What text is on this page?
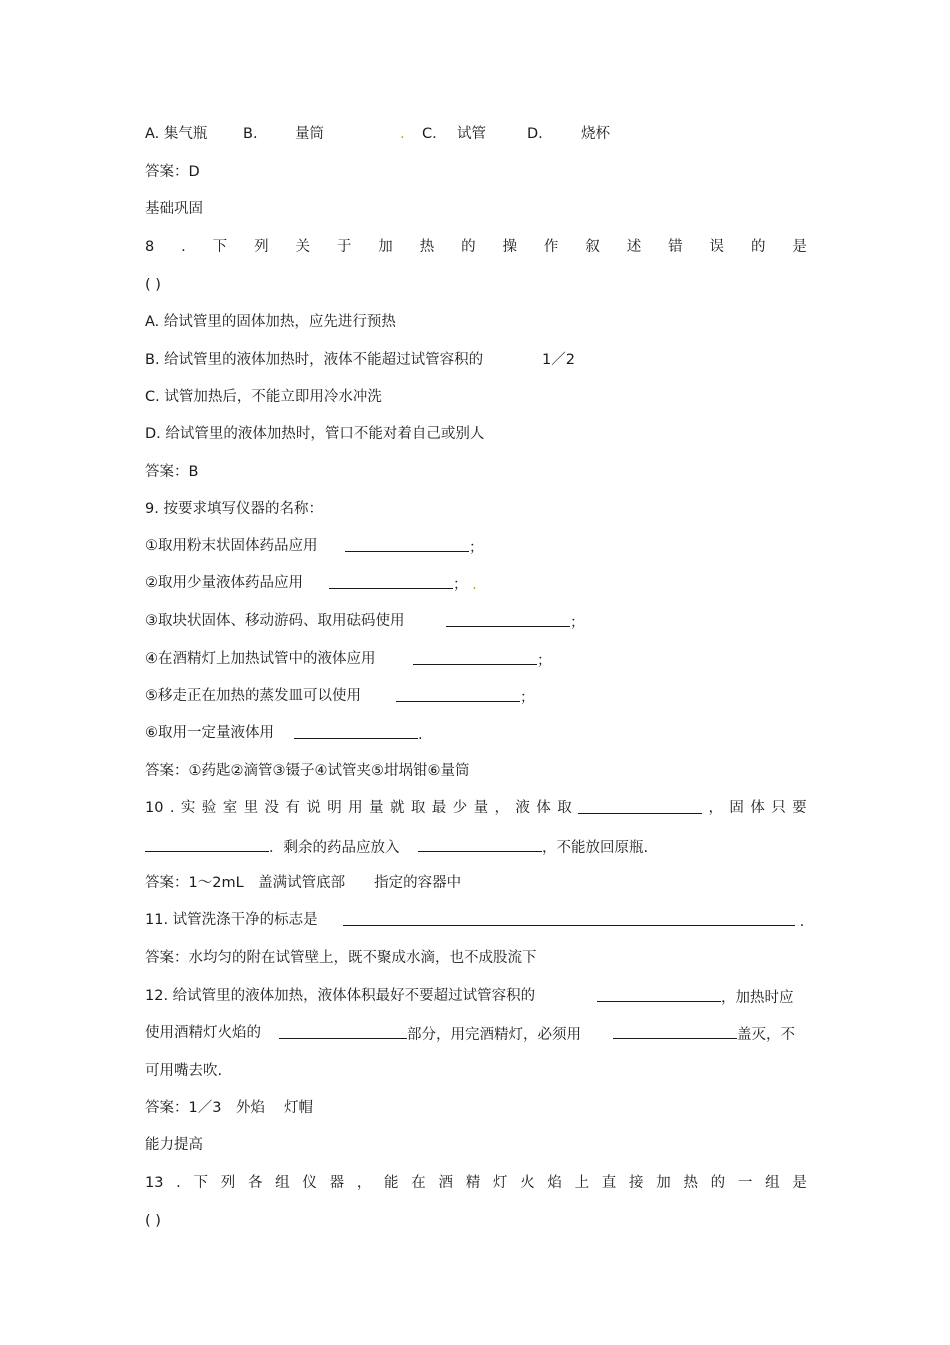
A. 集气瓶 B.	量筒	. C. 试管	D.	烧杯
答案：D
基础巩固
8 . 下 列 关 于 加 热 的 操 作 叙 述 错 误 的 是
( )
A. 给试管里的固体加热，应先进行预热
B. 给试管里的液体加热时，液体不能超过试管容积的	1／2
C. 试管加热后，不能立即用冷水冲洗
D. 给试管里的液体加热时，管口不能对着自己或别人
答案：B
9. 按要求填写仪器的名称：
①取用粉末状固体药品应用	；
②取用少量液体药品应用	； .
③取块状固体、移动游码、取用砝码使用	；
④在酒精灯上加热试管中的液体应用	；
⑤移走正在加热的蒸发皿可以使用	；
⑥取用一定量液体用	.
答案：①药匙②滴管③镊子④试管夹⑤坩埚钳⑥量筒
10 . 实 验 室 里 没 有 说 明 用 量 就 取 最 少 量 ， 液 体 取	， 固 体 只 要
．剩余的药品应放入	，不能放回原瓶.
答案：1～2mL　盖满试管底部　　指定的容器中
11. 试管洗涤干净的标志是	.
答案：水均匀的附在试管壁上，既不聚成水滴，也不成股流下
12. 给试管里的液体加热，液体体积最好不要超过试管容积的	，加热时应
使用酒精灯火焰的	部分，用完酒精灯，必须用	盖灭，不
可用嘴去吹.
答案：1／3　外焰　 灯帽
能力提高
13 . 下 列 各 组 仪 器 ， 能 在 酒 精 灯 火 焰 上 直 接 加 热 的 一 组 是
( )
